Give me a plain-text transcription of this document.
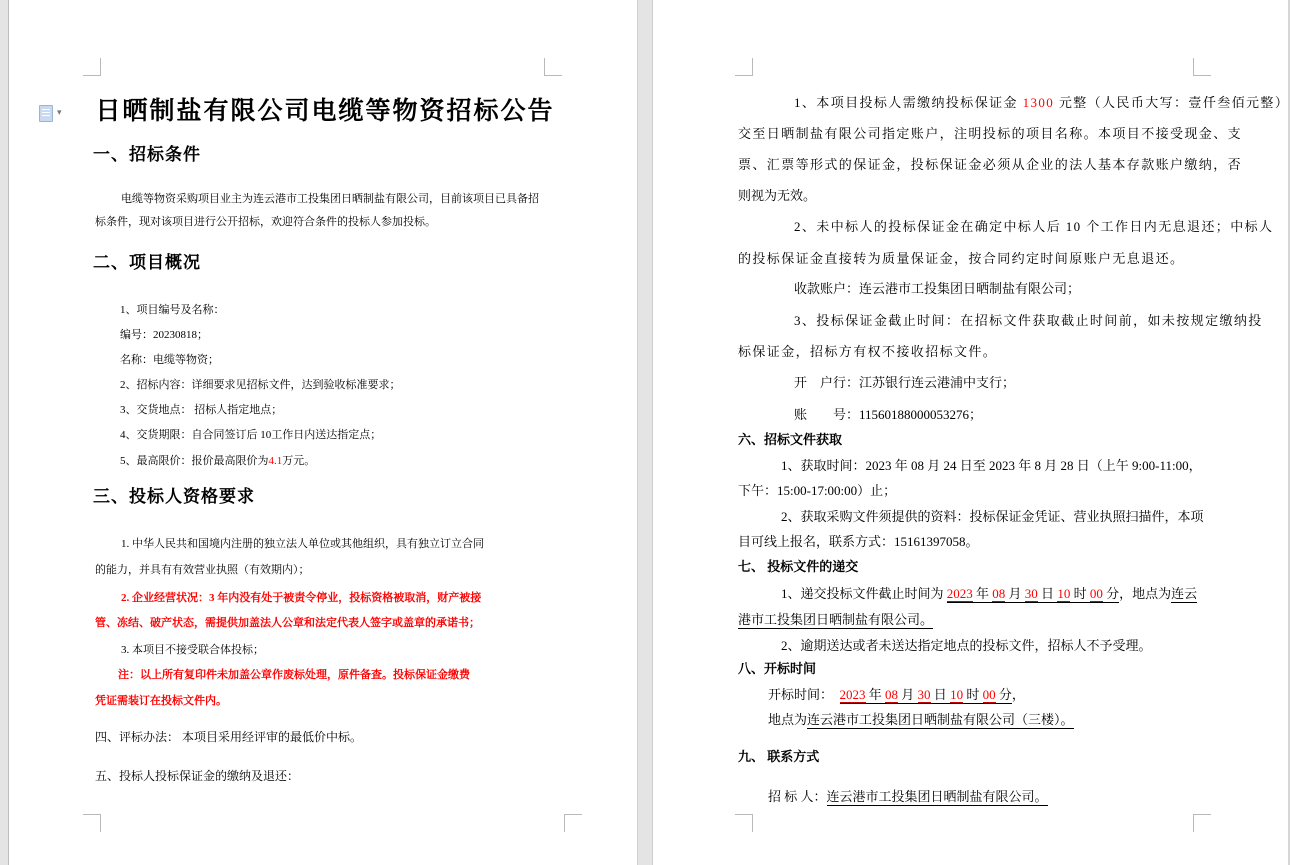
▾ 日晒制盐有限公司电缆等物资招标公告
一、招标条件
电缆等物资采购项目业主为连云港市工投集团日晒制盐有限公司，目前该项目已具备招
标条件，现对该项目进行公开招标，欢迎符合条件的投标人参加投标。
二、项目概况
1、项目编号及名称：
编号：20230818；
名称：电缆等物资；
2、招标内容：详细要求见招标文件，达到验收标准要求；
3、交货地点： 招标人指定地点；
4、交货期限：自合同签订后 10工作日内送达指定点；
5、最高限价：报价最高限价为4.1万元。
三、投标人资格要求
1. 中华人民共和国境内注册的独立法人单位或其他组织，具有独立订立合同
的能力，并具有有效营业执照（有效期内）；
2. 企业经营状况：3 年内没有处于被责令停业，投标资格被取消，财产被接
管、冻结、破产状态，需提供加盖法人公章和法定代表人签字或盖章的承诺书；
3. 本项目不接受联合体投标；
注：以上所有复印件未加盖公章作废标处理，原件备查。投标保证金缴费
凭证需装订在投标文件内。
四、评标办法： 本项目采用经评审的最低价中标。
五、投标人投标保证金的缴纳及退还：
1、本项目投标人需缴纳投标保证金 1300 元整（人民币大写：壹仟叁佰元整）
交至日晒制盐有限公司指定账户，注明投标的项目名称。本项目不接受现金、支
票、汇票等形式的保证金，投标保证金必须从企业的法人基本存款账户缴纳，否
则视为无效。
2、未中标人的投标保证金在确定中标人后 10 个工作日内无息退还；中标人
的投标保证金直接转为质量保证金，按合同约定时间原账户无息退还。
收款账户：连云港市工投集团日晒制盐有限公司；
3、投标保证金截止时间：在招标文件获取截止时间前，如未按规定缴纳投
标保证金，招标方有权不接收招标文件。
开　户行：江苏银行连云港浦中支行；
账　　号：11560188000053276；
六、招标文件获取
1、获取时间：2023 年 08 月 24 日至 2023 年 8 月 28 日（上午 9:00-11:00，
下午：15:00-17:00:00）止；
2、获取采购文件须提供的资料：投标保证金凭证、营业执照扫描件，本项
目可线上报名，联系方式：15161397058。
七、 投标文件的递交
1、递交投标文件截止时间为 2023 年 08 月 30 日 10 时 00 分，地点为连云
港市工投集团日晒制盐有限公司。
2、逾期送达或者未送达指定地点的投标文件，招标人不予受理。
八、开标时间
开标时间：　2023 年 08 月 30 日 10 时 00 分，
地点为连云港市工投集团日晒制盐有限公司（三楼）。
九、 联系方式
招 标 人：连云港市工投集团日晒制盐有限公司。
